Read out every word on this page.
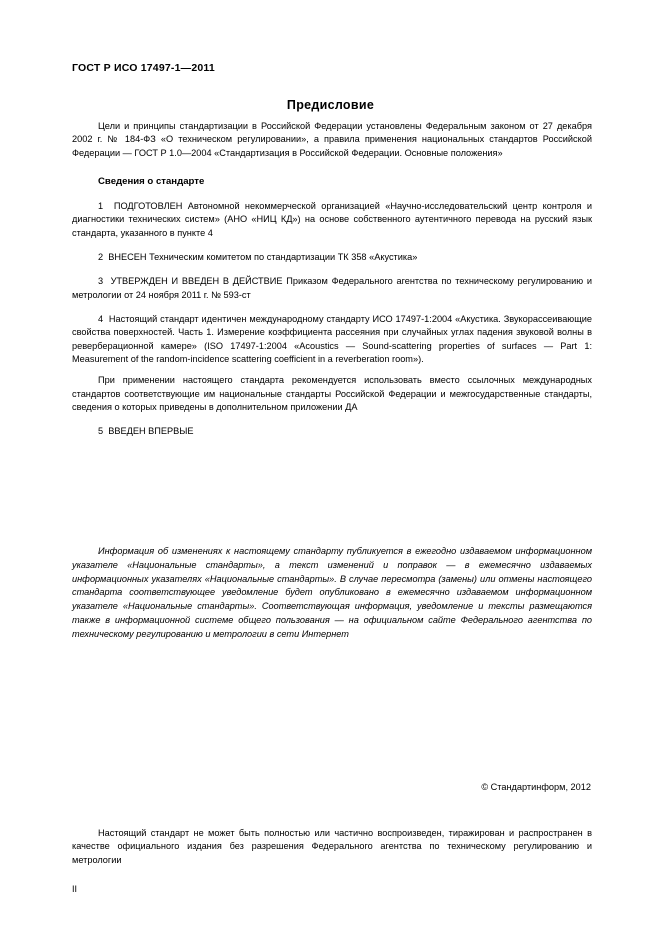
ГОСТ Р ИСО 17497-1—2011
Предисловие

Цели и принципы стандартизации в Российской Федерации установлены Федеральным законом от 27 декабря 2002 г. № 184-ФЗ «О техническом регулировании», а правила применения национальных стандартов Российской Федерации — ГОСТ Р 1.0—2004 «Стандартизация в Российской Федерации. Основные положения»

Сведения о стандарте

1 ПОДГОТОВЛЕН Автономной некоммерческой организацией «Научно-исследовательский центр контроля и диагностики технических систем» (АНО «НИЦ КД») на основе собственного аутентичного перевода на русский язык стандарта, указанного в пункте 4

2 ВНЕСЕН Техническим комитетом по стандартизации ТК 358 «Акустика»

3 УТВЕРЖДЕН И ВВЕДЕН В ДЕЙСТВИЕ Приказом Федерального агентства по техническому регулированию и метрологии от 24 ноября 2011 г. № 593-ст

4 Настоящий стандарт идентичен международному стандарту ИСО 17497-1:2004 «Акустика. Звукорассеивающие свойства поверхностей. Часть 1. Измерение коэффициента рассеяния при случайных углах падения звуковой волны в реверберационной камере» (ISO 17497-1:2004 «Acoustics — Sound-scattering properties of surfaces — Part 1: Measurement of the random-incidence scattering coefficient in a reverberation room»).

При применении настоящего стандарта рекомендуется использовать вместо ссылочных международных стандартов соответствующие им национальные стандарты Российской Федерации и межгосударственные стандарты, сведения о которых приведены в дополнительном приложении ДА

5 ВВЕДЕН ВПЕРВЫЕ

Информация об изменениях к настоящему стандарту публикуется в ежегодно издаваемом информационном указателе «Национальные стандарты», а текст изменений и поправок — в ежемесячно издаваемых информационных указателях «Национальные стандарты». В случае пересмотра (замены) или отмены настоящего стандарта соответствующее уведомление будет опубликовано в ежемесячно издаваемом информационном указателе «Национальные стандарты». Соответствующая информация, уведомление и тексты размещаются также в информационной системе общего пользования — на официальном сайте Федерального агентства по техническому регулированию и метрологии в сети Интернет
© Стандартинформ, 2012
Настоящий стандарт не может быть полностью или частично воспроизведен, тиражирован и распространен в качестве официального издания без разрешения Федерального агентства по техническому регулированию и метрологии
II
